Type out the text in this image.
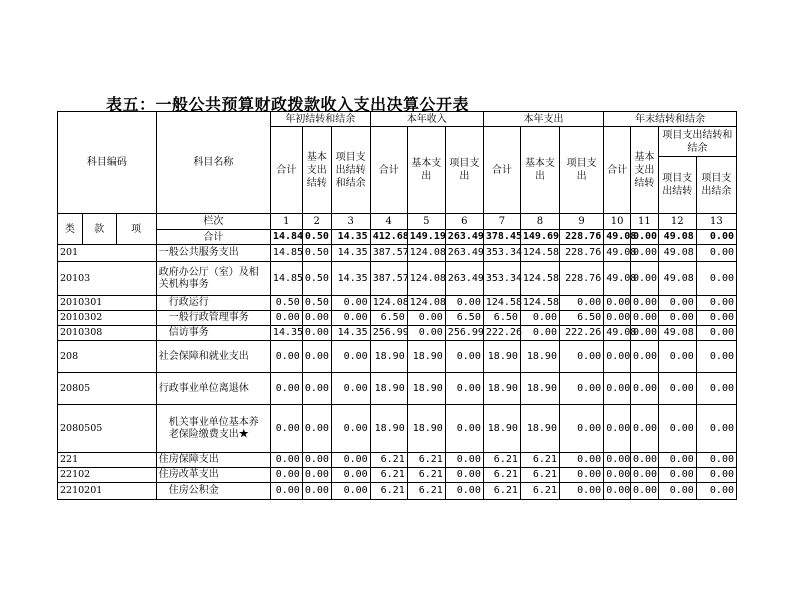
表五：一般公共预算财政拨款收入支出决算公开表
科目编码			科目名称	年初结转和结余			本年收入			本年支出			年末结转和结余			
				合计	基本支出结转	项目支出结转和结余	合计	基本支出	项目支出	合计	基本支出	项目支出	合计	基本支出结转	项目支出结转和结余	
															项目支出结转	项目支出结余

类	款	项	栏次	1	2	3	4	5	6	7	8	9	10	11	12	13
			合计	14.84	0.50	14.35	412.68	149.19	263.49	378.45	149.69	228.76	49.08	0.00	49.08	0.00
201			一般公共服务支出	14.85	0.50	14.35	387.57	124.08	263.49	353.34	124.58	228.76	49.08	0.00	49.08	0.00
20103			政府办公厅（室）及相关机构事务	14.85	0.50	14.35	387.57	124.08	263.49	353.34	124.58	228.76	49.08	0.00	49.08	0.00
2010301			行政运行	0.50	0.50	0.00	124.08	124.08	0.00	124.58	124.58	0.00	0.00	0.00	0.00	0.00
2010302			一般行政管理事务	0.00	0.00	0.00	6.50	0.00	6.50	6.50	0.00	6.50	0.00	0.00	0.00	0.00
2010308			信访事务	14.35	0.00	14.35	256.99	0.00	256.99	222.26	0.00	222.26	49.08	0.00	49.08	0.00
208			社会保障和就业支出	0.00	0.00	0.00	18.90	18.90	0.00	18.90	18.90	0.00	0.00	0.00	0.00	0.00
20805			行政事业单位离退休	0.00	0.00	0.00	18.90	18.90	0.00	18.90	18.90	0.00	0.00	0.00	0.00	0.00
2080505			机关事业单位基本养老保险缴费支出★	0.00	0.00	0.00	18.90	18.90	0.00	18.90	18.90	0.00	0.00	0.00	0.00	0.00
221			住房保障支出	0.00	0.00	0.00	6.21	6.21	0.00	6.21	6.21	0.00	0.00	0.00	0.00	0.00
22102			住房改革支出	0.00	0.00	0.00	6.21	6.21	0.00	6.21	6.21	0.00	0.00	0.00	0.00	0.00
2210201			住房公积金	0.00	0.00	0.00	6.21	6.21	0.00	6.21	6.21	0.00	0.00	0.00	0.00	0.00
